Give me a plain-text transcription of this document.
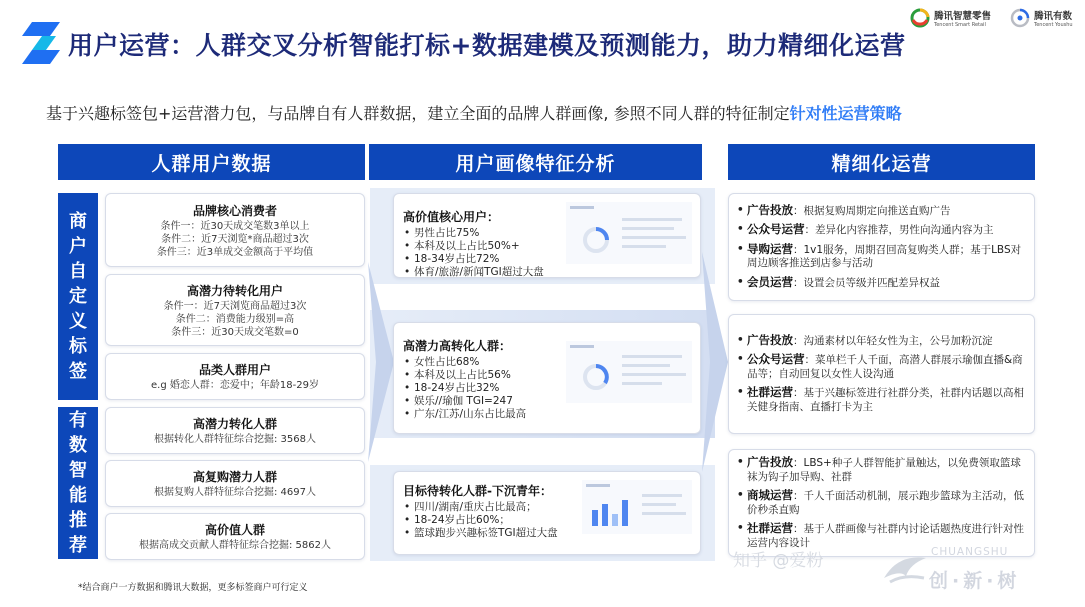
用户运营：人群交叉分析智能打标+数据建模及预测能力，助力精细化运营
腾讯智慧零售
Tencent Smart Retail
腾讯有数
Tencent Youshu
基于兴趣标签包+运营潜力包，与品牌自有人群数据，建立全面的品牌人群画像, 参照不同人群的特征制定针对性运营策略
人群用户数据	用户画像特征分析	精细化运营
商户自定义标签
有数智能推荐
品牌核心消费者
条件一：近30天成交笔数3单以上
条件二：近7天浏览*商品超过3次
条件三：近3单成交金额高于平均值
高潜力待转化用户
条件一：近7天浏览商品超过3次
条件二：消费能力级别=高
条件三：近30天成交笔数=0
品类人群用户
e.g 婚恋人群：恋爱中；年龄18-29岁
高潜力转化人群
根据转化人群特征综合挖掘: 3568人
高复购潜力人群
根据复购人群特征综合挖掘: 4697人
高价值人群
根据高成交贡献人群特征综合挖掘: 5862人
高价值核心用户：
• 男性占比75%
• 本科及以上占比50%+
• 18-34岁占比72%
• 体育/旅游/新闻TGI超过大盘
高潜力高转化人群：
• 女性占比68%
• 本科及以上占比56%
• 18-24岁占比32%
• 娱乐//瑜伽 TGI=247
• 广东/江苏/山东占比最高
目标待转化人群-下沉青年：
• 四川/湖南/重庆占比最高；
• 18-24岁占比60%；
• 篮球跑步兴趣标签TGI超过大盘
• 广告投放：根据复购周期定向推送直购广告
• 公众号运营：差异化内容推荐，男性向沟通内容为主
• 导购运营：1v1服务，周期召回高复购类人群；基于LBS对周边顾客推送到店参与活动
• 会员运营：设置会员等级并匹配差异权益
• 广告投放：沟通素材以年轻女性为主，公号加粉沉淀
• 公众号运营：菜单栏千人千面，高潜人群展示瑜伽直播&商品等；自动回复以女性人设沟通
• 社群运营：基于兴趣标签进行社群分类，社群内话题以高相关健身指南、直播打卡为主
• 广告投放：LBS+种子人群智能扩量触达，以免费领取篮球袜为钩子加导购、社群
• 商城运营：千人千面活动机制，展示跑步篮球为主活动，低价秒杀直购
• 社群运营：基于人群画像与社群内讨论话题热度进行针对性运营内容设计
*结合商户一方数据和腾讯大数据，更多标签商户可行定义
知乎 @爱粉	CHUANGSHU
创·新·树
